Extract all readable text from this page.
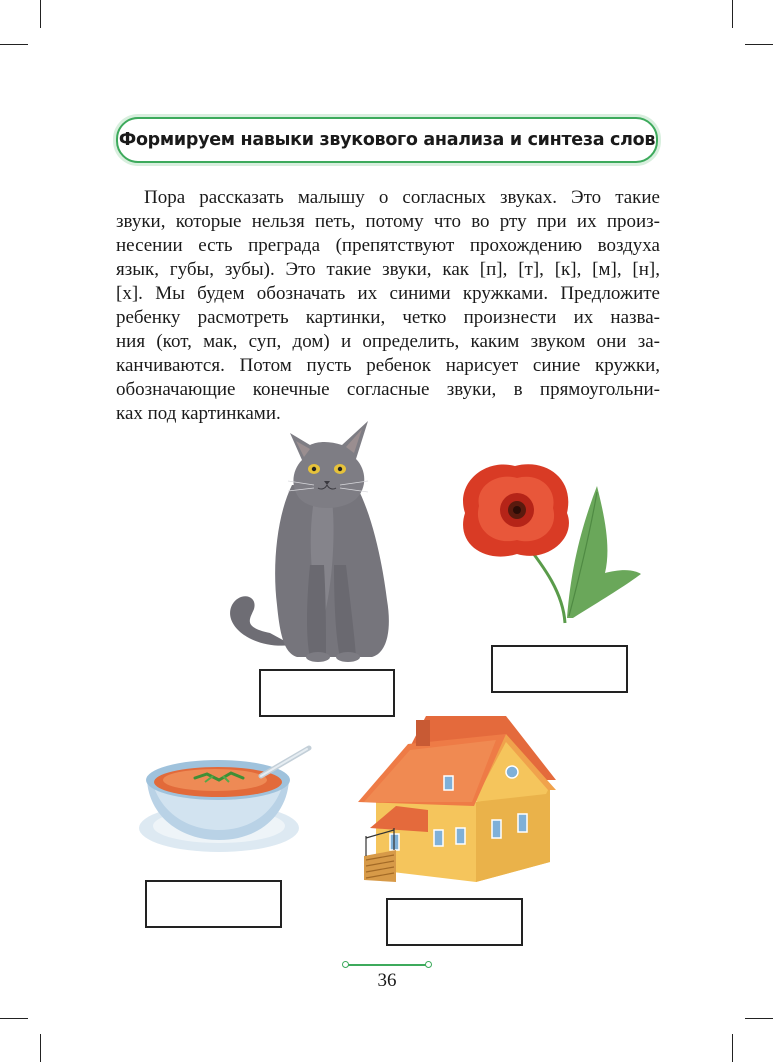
Формируем навыки звукового анализа и синтеза слов
Пора рассказать малышу о согласных звуках. Это такие
звуки, которые нельзя петь, потому что во рту при их произ-
несении есть преграда (препятствуют прохождению воздуха
язык, губы, зубы). Это такие звуки, как [п], [т], [к], [м], [н],
[х]. Мы будем обозначать их синими кружками. Предложите
ребенку расмотреть картинки, четко произнести их назва-
ния (кот, мак, суп, дом) и определить, каким звуком они за-
канчиваются. Потом пусть ребенок нарисует синие кружки,
обозначающие конечные согласные звуки, в прямоугольни-
ках под картинками.
36
